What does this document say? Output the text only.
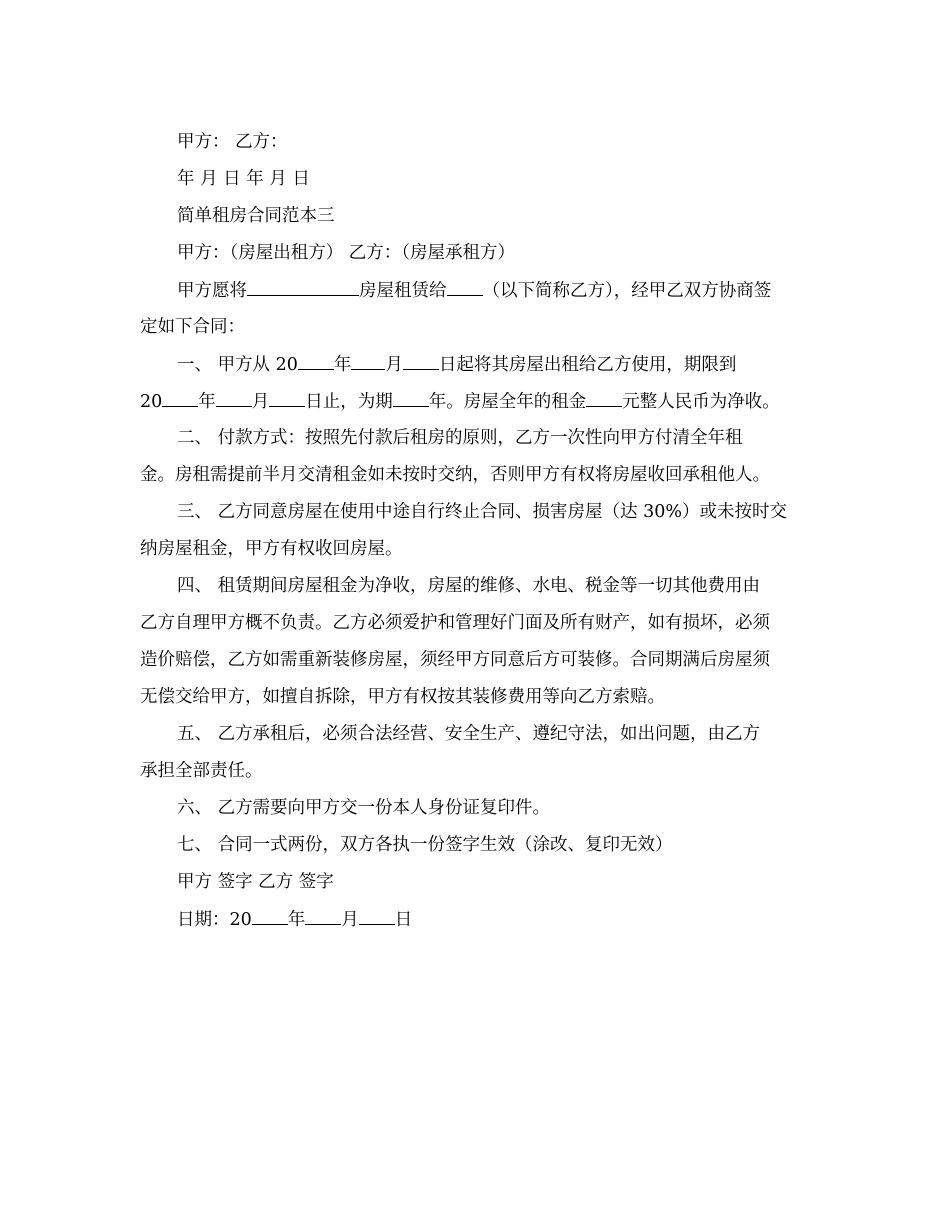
甲方： 乙方：
年 月 日 年 月 日
简单租房合同范本三
甲方：（房屋出租方） 乙方：（房屋承租方）
甲方愿将	房屋租赁给 （以下简称乙方），经甲乙双方协商签
定如下合同：
一、 甲方从 20 年 月 日起将其房屋出租给乙方使用，期限到
20 年 月 日止，为期 年。房屋全年的租金 元整人民币为净收。
二、 付款方式：按照先付款后租房的原则，乙方一次性向甲方付清全年租
金。房租需提前半月交清租金如未按时交纳，否则甲方有权将房屋收回承租他人。
三、 乙方同意房屋在使用中途自行终止合同、损害房屋（达 30%）或未按时交
纳房屋租金，甲方有权收回房屋。
四、 租赁期间房屋租金为净收，房屋的维修、水电、税金等一切其他费用由
乙方自理甲方概不负责。乙方必须爱护和管理好门面及所有财产，如有损坏，必须
造价赔偿，乙方如需重新装修房屋，须经甲方同意后方可装修。合同期满后房屋须
无偿交给甲方，如擅自拆除，甲方有权按其装修费用等向乙方索赔。
五、 乙方承租后，必须合法经营、安全生产、遵纪守法，如出问题，由乙方
承担全部责任。
六、 乙方需要向甲方交一份本人身份证复印件。
七、 合同一式两份，双方各执一份签字生效（涂改、复印无效）
甲方 签字 乙方 签字
日期：20 年 月 日
